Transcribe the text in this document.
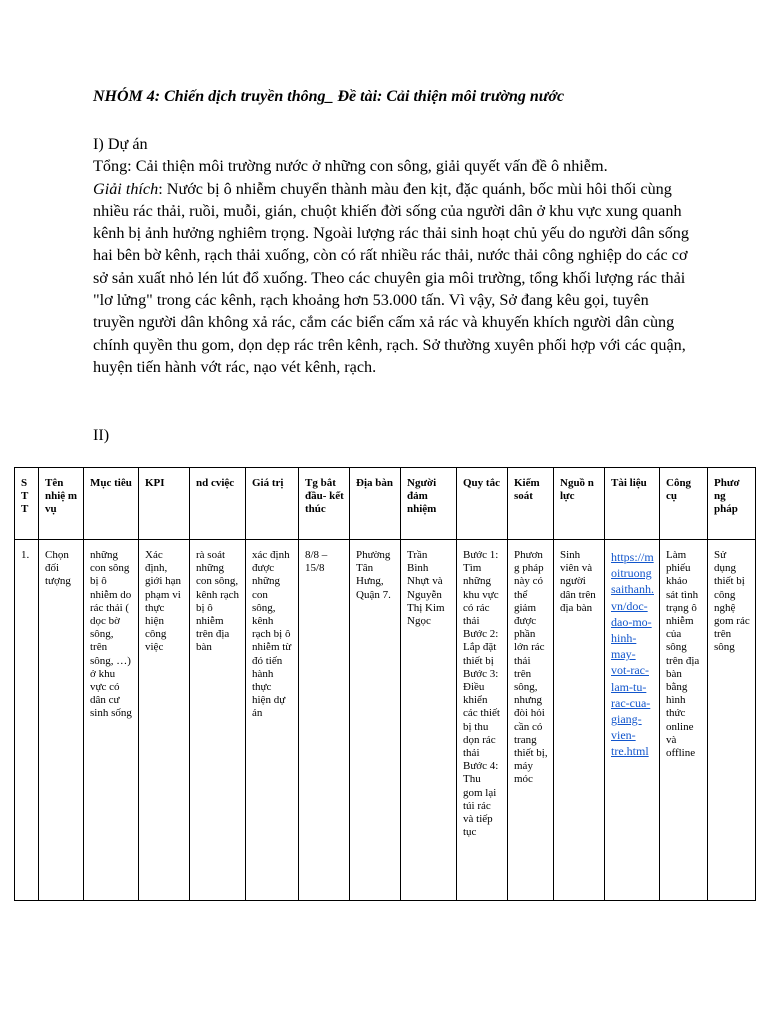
NHÓM 4: Chiến dịch truyền thông_ Đề tài: Cải thiện môi trường nước

I) Dự án

Tổng: Cải thiện môi trường nước ở những con sông, giải quyết vấn đề ô nhiễm.

Giải thích: Nước bị ô nhiễm chuyển thành màu đen kịt, đặc quánh, bốc mùi hôi thối cùng nhiều rác thải, ruồi, muỗi, gián, chuột khiến đời sống của người dân ở khu vực xung quanh kênh bị ảnh hưởng nghiêm trọng. Ngoài lượng rác thải sinh hoạt chủ yếu do người dân sống hai bên bờ kênh, rạch thải xuống, còn có rất nhiều rác thải, nước thải công nghiệp do các cơ sở sản xuất nhỏ lén lút đổ xuống. Theo các chuyên gia môi trường, tổng khối lượng rác thải "lơ lửng" trong các kênh, rạch khoảng hơn 53.000 tấn. Vì vậy, Sở đang kêu gọi, tuyên truyền người dân không xả rác, cắm các biển cấm xả rác và khuyến khích người dân cùng chính quyền thu gom, dọn dẹp rác trên kênh, rạch. Sở thường xuyên phối hợp với các quận, huyện tiến hành vớt rác, nạo vét kênh, rạch.

II)
S T T	Tên nhiệ m vụ	Mục tiêu	KPI	nd cviệc	Giá trị	Tg bắt đầu- kết thúc	Địa bàn	Người đảm nhiệm	Quy tắc	Kiểm soát	Nguồ n lực	Tài liệu	Công cụ	Phươ ng pháp
1.	Chọn đối tượng	những con sông bị ô nhiễm do rác thải ( dọc bờ sông, trên sông, …) ở khu vực có dân cư sinh sống	Xác định, giới hạn phạm vi thực hiện công việc	rà soát những con sông, kênh rạch bị ô nhiễm trên địa bàn	xác định được những con sông, kênh rạch bị ô nhiễm từ đó tiến hành thực hiện dự án	8/8 – 15/8	Phường Tân Hưng, Quận 7.	Trần Bình Nhựt và Nguyễn Thị Kim Ngọc	Bước 1: Tìm những khu vực có rác thải Bước 2: Lắp đặt thiết bị Bước 3: Điều khiển các thiết bị thu dọn rác thải Bước 4: Thu gom lại túi rác và tiếp tục	Phương pháp này có thể giảm được phần lớn rác thải trên sông, nhưng đòi hỏi cần có trang thiết bị, máy móc	Sinh viên và người dân trên địa bàn	https://moitruongsaithanh.vn/doc-dao-mo-hinh-may-vot-rac-lam-tu-rac-cua-giang-vien-tre.html	Làm phiếu khảo sát tình trạng ô nhiễm của sông trên địa bàn bằng hình thức online và offline	Sử dụng thiết bị công nghệ gom rác trên sông
